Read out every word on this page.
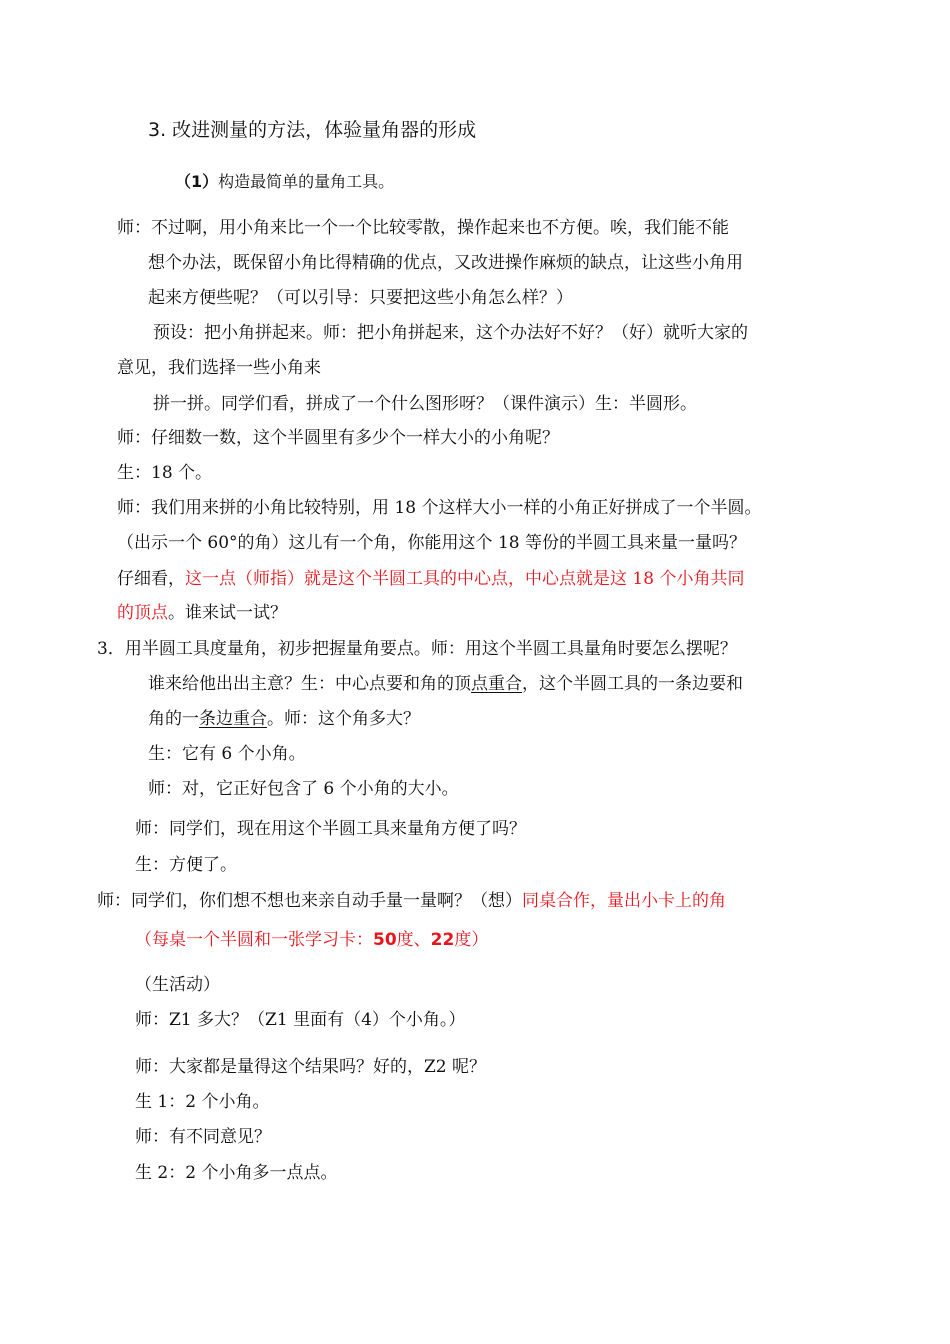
3. 改进测量的方法，体验量角器的形成
（1）构造最简单的量角工具。
师：不过啊，用小角来比一个一个比较零散，操作起来也不方便。唉，我们能不能
想个办法，既保留小角比得精确的优点，又改进操作麻烦的缺点，让这些小角用
起来方便些呢？（可以引导：只要把这些小角怎么样？）
预设：把小角拼起来。师：把小角拼起来，这个办法好不好？（好）就听大家的
意见，我们选择一些小角来
拼一拼。同学们看，拼成了一个什么图形呀？（课件演示）生：半圆形。
师：仔细数一数，这个半圆里有多少个一样大小的小角呢？
生：18 个。
师：我们用来拼的小角比较特别，用 18 个这样大小一样的小角正好拼成了一个半圆。
（出示一个 60°的角）这儿有一个角，你能用这个 18 等份的半圆工具来量一量吗？
仔细看，这一点（师指）就是这个半圆工具的中心点，中心点就是这 18 个小角共同
的顶点。谁来试一试？
3．用半圆工具度量角，初步把握量角要点。师：用这个半圆工具量角时要怎么摆呢？
谁来给他出出主意？生：中心点要和角的顶点重合，这个半圆工具的一条边要和
角的一条边重合。师：这个角多大？
生：它有 6 个小角。
师：对，它正好包含了 6 个小角的大小。
师：同学们，现在用这个半圆工具来量角方便了吗？
生：方便了。
师：同学们，你们想不想也来亲自动手量一量啊？（想）同桌合作，量出小卡上的角
（每桌一个半圆和一张学习卡：50度、22度）
（生活动）
师：Z1 多大？（Z1 里面有（4）个小角。）
师：大家都是量得这个结果吗？好的，Z2 呢？
生 1：2 个小角。
师：有不同意见？
生 2：2 个小角多一点点。
